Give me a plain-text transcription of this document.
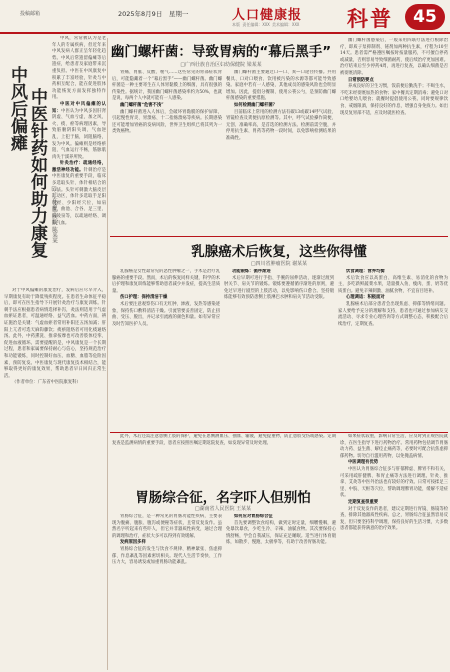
投稿邮箱	2025年8月9日　星期一	人口健康报
本版 责任编辑：XXX 美术编辑：XXX 科普	45
中风后偏瘫 中医针药如何助力康复 □广东省中医院 陈某某

中风，常常被认为是老年人的专属疾病，但近年来中风发病人群正呈年轻化趋势。中风后常遗留偏瘫等后遗症，给患者及家庭带来沉重负担。中医在中风康复中积累了丰富经验，针灸与中药相互配合，能在促进肢体功能恢复方面发挥独特作用。

中医对中风偏瘫的认知：中医认为中风多因肝肾阴虚、气血亏虚，加之风、火、痰、瘀等病理因素，导致脏腑阴阳失调、气血逆乱，上犯于脑，闭阻脑络，发为中风。偏瘫则是经络瘀阻、气血运行不畅，筋脉肌肉失于濡养所致。

针灸治疗：疏通经络，激活神经功能。针刺治疗是中医康复的重要手段，临床多选取头针、体针相结合的方法。头针可刺激大脑皮层运动区，体针多选取手足阳明经、少阳经穴位，如肩髃、曲池、合谷、足三里、阳陵泉等，以疏通经络、调和气血。

对于中风偏瘫的康复治疗，发病后应尽早介入，早期康复有助于降低残疾程度。在患者生命体征平稳后，即可在医生指导下开展针灸治疗与康复训练。针刺手法应根据患者病情选择补泻，灸法则适用于气虚血瘀证患者，可温通经络、益气活血。中药方面，辨证施治是关键：气虚血瘀者常用补阳还五汤加减；肝阳上亢者可选天麻钩藤饮；痰瘀阻络者可用化痰通络汤。此外，中药熏洗、推拿按摩也可改善肢体痉挛、促进血液循环。需要提醒的是，中风康复是一个长期过程，患者和家属要保持耐心与信心，坚持规范治疗和功能锻炼，同时控制好血压、血糖、血脂等危险因素，预防复发。中医康复与现代康复技术相结合，能够取得更好的康复效果，帮助患者早日回归正常生活。

（作者单位：广东省中医院康复科）

幽门螺杆菌：导致胃病的“幕后黑手”
□广西壮族自治区妇幼保健院 梁某某

胃痛、胃胀、反酸、嗳气……这些常见的胃部症状背后，可能隐藏着一个“幕后黑手”——幽门螺杆菌。幽门螺杆菌是一种主要寄生在人体胃黏膜上的细菌，具有很强的传染性。据统计，我国幽门螺杆菌感染率约为50%，也就是说，每两个人中就可能有一人感染。

幽门螺杆菌“危害不浅”

幽门螺杆菌进入人体后，会破坏胃黏膜的保护屏障，引起慢性胃炎、胃溃疡、十二指肠溃疡等疾病。长期感染还可能增加胃癌的发病风险，世界卫生组织已将其列为一类致癌物。

幽门螺杆菌主要通过口—口、粪—口途径传播。共用餐具、口对口喂食、饮用被污染的水源等都可能导致感染。家庭中若有一人感染，其他成员的感染风险也会明显增加。因此，提倡分餐制、使用公筷公勺，是预防幽门螺杆菌感染的重要措施。

如何检测幽门螺杆菌？

目前临床上常用的检测方法有碳13或碳14呼气试验、胃镜检查及粪便抗原检测等。其中，呼气试验操作简便、无创、准确率高，是首选的检测方法。检测前需空腹，并停用抗生素、胃药等药物一段时间，以免影响检测结果的准确性。

幽门螺杆菌感染后，一般采用四联疗法进行根除治疗，即质子泵抑制剂、铋剂加两种抗生素，疗程为10至14天。患者需严格遵医嘱按时按量服药，不可擅自停药或减量，否则容易导致细菌耐药，使后续治疗更加困难。治疗结束后至少停药4周，再进行复查，以确认细菌是否被彻底清除。

日常预防要点

养成良好的卫生习惯，饭前便后勤洗手；不喝生水，不吃未经彻底加热的食物；家中餐具定期消毒；避免口对口给婴幼儿喂食；就餐时提倡使用公筷。同时要规律饮食、戒烟限酒，保持良好的作息，增强自身免疫力。如出现反复胃部不适，应及时就医检查。

乳腺癌术后恢复，这些你得懂
□四川省肿瘤医院 谢某某

乳腺癌是女性最常见的恶性肿瘤之一，手术是治疗乳腺癌的重要手段。然而，术后的恢复同样关键，科学的术后护理和康复训练能够帮助患者减少并发症，提高生活质量。

伤口护理：保持清洁干燥

术后要注意观察伤口有无红肿、渗液、发热等感染迹象，保持伤口敷料清洁干燥。引流管要妥善固定，防止扭曲、受压、脱出，并记录引流液的颜色和量。如有异常应及时告知医护人员。

功能锻炼：循序渐进

术后早期可进行手指、手腕的屈伸活动，逐渐过渡到肘关节、肩关节的锻炼。锻炼要遵循循序渐进的原则，避免过早进行剧烈的上肢活动，以免影响伤口愈合。坚持锻炼能够有效预防患侧上肢淋巴水肿和肩关节活动受限。

饮食调理：营养均衡

术后饮食应以高蛋白、高维生素、易消化的食物为主，多吃新鲜蔬菜水果，适量摄入鱼、瘦肉、蛋、奶等优质蛋白。避免辛辣刺激、油腻食物，不宜盲目进补。

心理调适：积极面对

乳腺癌术后部分患者会出现焦虑、抑郁等情绪问题。家人要给予充分的理解和支持，患者也可通过参加病友交流活动、寻求专业心理咨询等方式调整心态，积极配合后续治疗，定期复查。

此外，术后还需注意患侧上肢的保护，避免在患侧测血压、抽血、输液，避免提重物，防止患肢受伤或感染。定期复查是监测病情的重要手段，患者应按照医嘱定期返院复查，如发现异常及时处理。

胃肠综合征，名字吓人但别怕
□湖南省人民医院 王某某

胃肠综合征，是一种常见的胃肠功能性疾病，主要表现为腹痛、腹胀、腹泻或便秘等症状，且常反复发作。虽然名字听起来有些吓人，但它并非器质性病变，通过合理的调理和治疗，症状大多可以得到有效缓解。

发病原因多样

胃肠综合征的发生与饮食不规律、精神紧张、焦虑抑郁、作息紊乱等因素密切相关。现代人生活节奏快、工作压力大，容易诱发或加重胃肠功能紊乱。

如何应对胃肠综合征

首先要调整饮食结构，做到定时定量，细嚼慢咽，避免暴饮暴食，少吃生冷、辛辣、油腻食物。其次要保持心情舒畅，学会自我减压，保证充足睡眠。适当进行体育锻炼，如散步、慢跑、太极拳等，有助于改善胃肠功能。

如果症状较重，影响日常生活，应及时到正规医院就诊，在医生指导下进行药物治疗。常用药物包括调节胃肠动力药、益生菌、解痉止痛药等，必要时可配合抗焦虑抑郁药物。切勿自行滥用药物，以免掩盖病情。

中医调理有优势

中医认为胃肠综合征多与肝郁脾虚、脾胃不和有关，可采用疏肝健脾、和胃止痛等方法进行调理。针灸、推拿、艾灸等中医外治法也有较好的疗效。日常可按揉足三里、中脘、天枢等穴位，帮助调理脾胃功能，缓解不适症状。

定期复查很重要

对于反复发作的患者，建议定期进行胃镜、肠镜等检查，排除其他器质性疾病。总之，胃肠综合征虽然容易反复，但只要坚持科学调理，保持良好的生活习惯，大多数患者都能获得满意的治疗效果。
